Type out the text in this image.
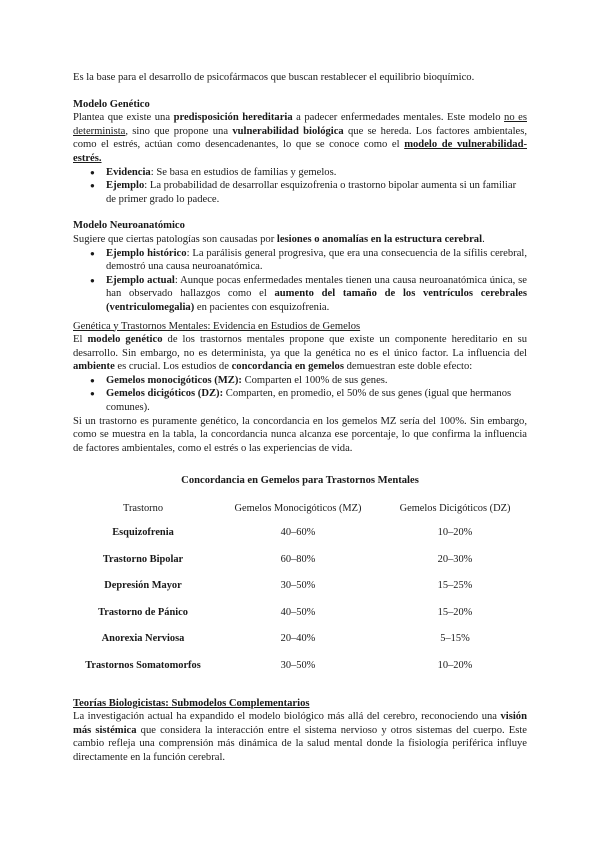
Es la base para el desarrollo de psicofármacos que buscan restablecer el equilibrio bioquímico.

Modelo Genético

Plantea que existe una predisposición hereditaria a padecer enfermedades mentales. Este modelo no es determinista, sino que propone una vulnerabilidad biológica que se hereda. Los factores ambientales, como el estrés, actúan como desencadenantes, lo que se conoce como el modelo de vulnerabilidad-estrés.

● Evidencia: Se basa en estudios de familias y gemelos.
● Ejemplo: La probabilidad de desarrollar esquizofrenia o trastorno bipolar aumenta si un familiar de primer grado lo padece.

Modelo Neuroanatómico

Sugiere que ciertas patologías son causadas por lesiones o anomalías en la estructura cerebral.

● Ejemplo histórico: La parálisis general progresiva, que era una consecuencia de la sífilis cerebral, demostró una causa neuroanatómica.
● Ejemplo actual: Aunque pocas enfermedades mentales tienen una causa neuroanatómica única, se han observado hallazgos como el aumento del tamaño de los ventrículos cerebrales (ventriculomegalia) en pacientes con esquizofrenia.

Genética y Trastornos Mentales: Evidencia en Estudios de Gemelos

El modelo genético de los trastornos mentales propone que existe un componente hereditario en su desarrollo. Sin embargo, no es determinista, ya que la genética no es el único factor. La influencia del ambiente es crucial. Los estudios de concordancia en gemelos demuestran este doble efecto:

● Gemelos monocigóticos (MZ): Comparten el 100% de sus genes.
● Gemelos dicigóticos (DZ): Comparten, en promedio, el 50% de sus genes (igual que hermanos comunes).

Si un trastorno es puramente genético, la concordancia en los gemelos MZ sería del 100%. Sin embargo, como se muestra en la tabla, la concordancia nunca alcanza ese porcentaje, lo que confirma la influencia de factores ambientales, como el estrés o las experiencias de vida.

Concordancia en Gemelos para Trastornos Mentales

Trastorno	Gemelos Monocigóticos (MZ)	Gemelos Dicigóticos (DZ)
Esquizofrenia	40–60%	10–20%
Trastorno Bipolar	60–80%	20–30%
Depresión Mayor	30–50%	15–25%
Trastorno de Pánico	40–50%	15–20%
Anorexia Nerviosa	20–40%	5–15%
Trastornos Somatomorfos	30–50%	10–20%

Teorías Biologicistas: Submodelos Complementarios

La investigación actual ha expandido el modelo biológico más allá del cerebro, reconociendo una visión más sistémica que considera la interacción entre el sistema nervioso y otros sistemas del cuerpo. Este cambio refleja una comprensión más dinámica de la salud mental donde la fisiología periférica influye directamente en la función cerebral.
